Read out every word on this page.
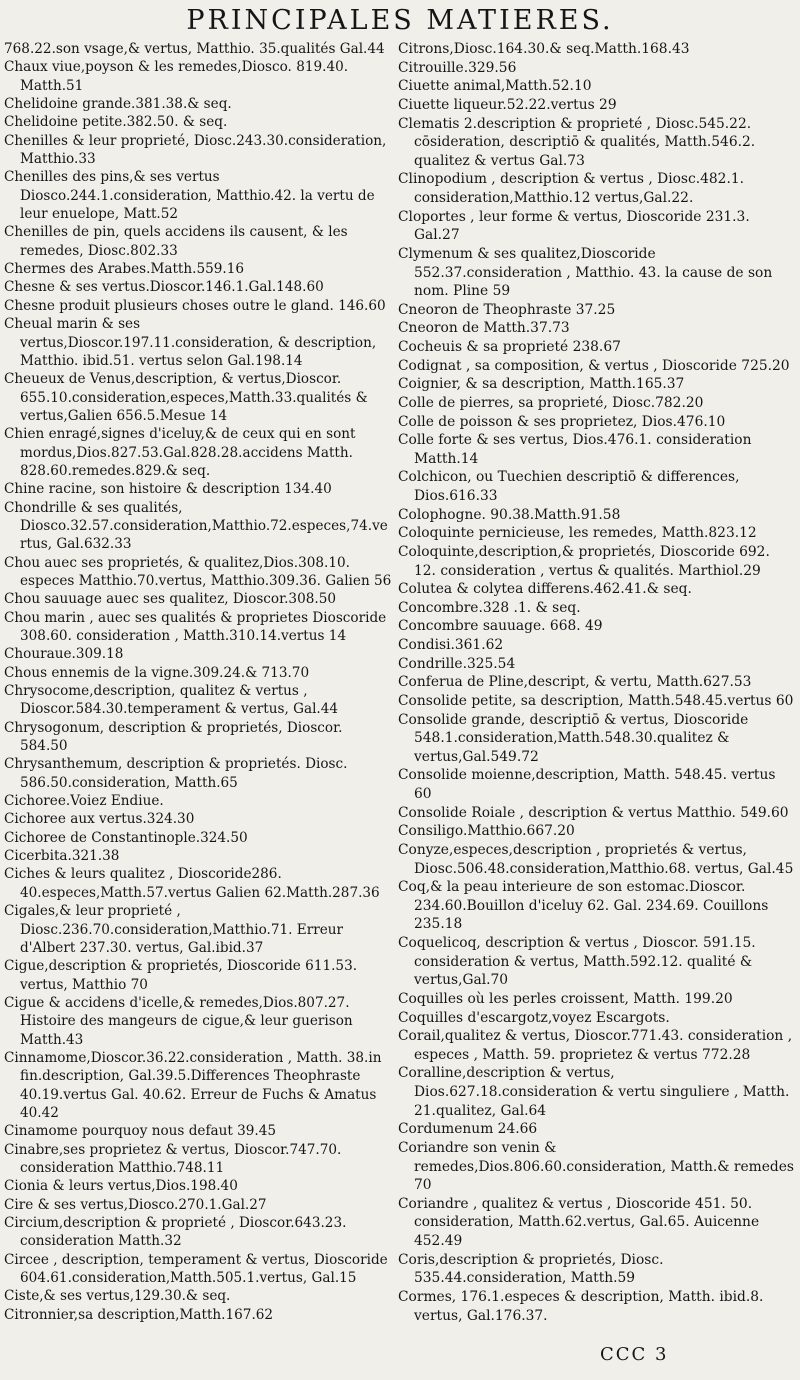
PRINCIPALES MATIERES.

768.22.son vsage,& vertus, Matthio. 35.qualités Gal.44

Chaux viue,poyson & les remedes,Diosco. 819.40. Matth.51

Chelidoine grande.381.38.& seq.

Chelidoine petite.382.50. & seq.

Chenilles & leur proprieté, Diosc.243.30.consideration, Matthio.33

Chenilles des pins,& ses vertus Diosco.244.1.consideration, Matthio.42. la vertu de leur enuelope, Matt.52

Chenilles de pin, quels accidens ils causent, & les remedes, Diosc.802.33

Chermes des Arabes.Matth.559.16

Chesne & ses vertus.Dioscor.146.1.Gal.148.60

Chesne produit plusieurs choses outre le gland. 146.60

Cheual marin & ses vertus,Dioscor.197.11.consideration, & description, Matthio. ibid.51. vertus selon Gal.198.14

Cheueux de Venus,description, & vertus,Dioscor. 655.10.consideration,especes,Matth.33.qualités & vertus,Galien 656.5.Mesue 14

Chien enragé,signes d'iceluy,& de ceux qui en sont mordus,Dios.827.53.Gal.828.28.accidens Matth. 828.60.remedes.829.& seq.

Chine racine, son histoire & description 134.40

Chondrille & ses qualités, Diosco.32.57.consideration,Matthio.72.especes,74.vertus, Gal.632.33

Chou auec ses proprietés, & qualitez,Dios.308.10. especes Matthio.70.vertus, Matthio.309.36. Galien 56

Chou sauuage auec ses qualitez, Dioscor.308.50

Chou marin , auec ses qualités & proprietes Dioscoride 308.60. consideration , Matth.310.14.vertus 14

Chouraue.309.18

Chous ennemis de la vigne.309.24.& 713.70

Chrysocome,description, qualitez & vertus , Dioscor.584.30.temperament & vertus, Gal.44

Chrysogonum, description & proprietés, Dioscor. 584.50

Chrysanthemum, description & proprietés. Diosc. 586.50.consideration, Matth.65

Cichoree.Voiez Endiue.

Cichoree aux vertus.324.30

Cichoree de Constantinople.324.50

Cicerbita.321.38

Ciches & leurs qualitez , Dioscoride286. 40.especes,Matth.57.vertus Galien 62.Matth.287.36

Cigales,& leur proprieté , Diosc.236.70.consideration,Matthio.71. Erreur d'Albert 237.30. vertus, Gal.ibid.37

Cigue,description & proprietés, Dioscoride 611.53. vertus, Matthio 70

Cigue & accidens d'icelle,& remedes,Dios.807.27. Histoire des mangeurs de cigue,& leur guerison Matth.43

Cinnamome,Dioscor.36.22.consideration , Matth. 38.in fin.description, Gal.39.5.Differences Theophraste 40.19.vertus Gal. 40.62. Erreur de Fuchs & Amatus 40.42

Cinamome pourquoy nous defaut 39.45

Cinabre,ses proprietez & vertus, Dioscor.747.70. consideration Matthio.748.11

Cionia & leurs vertus,Dios.198.40

Cire & ses vertus,Diosco.270.1.Gal.27

Circium,description & proprieté , Dioscor.643.23. consideration Matth.32

Circee , description, temperament & vertus, Dioscoride 604.61.consideration,Matth.505.1.vertus, Gal.15

Ciste,& ses vertus,129.30.& seq.

Citronnier,sa description,Matth.167.62

Citrons,Diosc.164.30.& seq.Matth.168.43

Citrouille.329.56

Ciuette animal,Matth.52.10

Ciuette liqueur.52.22.vertus 29

Clematis 2.description & proprieté , Diosc.545.22. cōsideration, descriptiō & qualités, Matth.546.2. qualitez & vertus Gal.73

Clinopodium , description & vertus , Diosc.482.1. consideration,Matthio.12 vertus,Gal.22.

Cloportes , leur forme & vertus, Dioscoride 231.3. Gal.27

Clymenum & ses qualitez,Dioscoride 552.37.consideration , Matthio. 43. la cause de son nom. Pline 59

Cneoron de Theophraste 37.25

Cneoron de Matth.37.73

Cocheuis & sa proprieté 238.67

Codignat , sa composition, & vertus , Dioscoride 725.20

Coignier, & sa description, Matth.165.37

Colle de pierres, sa proprieté, Diosc.782.20

Colle de poisson & ses proprietez, Dios.476.10

Colle forte & ses vertus, Dios.476.1. consideration Matth.14

Colchicon, ou Tuechien descriptiō & differences, Dios.616.33

Colophogne. 90.38.Matth.91.58

Coloquinte pernicieuse, les remedes, Matth.823.12

Coloquinte,description,& proprietés, Dioscoride 692. 12. consideration , vertus & qualités. Marthiol.29

Colutea & colytea differens.462.41.& seq.

Concombre.328 .1. & seq.

Concombre sauuage. 668. 49

Condisi.361.62

Condrille.325.54

Conferua de Pline,descript, & vertu, Matth.627.53

Consolide petite, sa description, Matth.548.45.vertus 60

Consolide grande, descriptiō & vertus, Dioscoride 548.1.consideration,Matth.548.30.qualitez & vertus,Gal.549.72

Consolide moienne,description, Matth. 548.45. vertus 60

Consolide Roiale , description & vertus Matthio. 549.60

Consiligo.Matthio.667.20

Conyze,especes,description , proprietés & vertus, Diosc.506.48.consideration,Matthio.68. vertus, Gal.45

Coq,& la peau interieure de son estomac.Dioscor. 234.60.Bouillon d'iceluy 62. Gal. 234.69. Couillons 235.18

Coquelicoq, description & vertus , Dioscor. 591.15. consideration & vertus, Matth.592.12. qualité & vertus,Gal.70

Coquilles où les perles croissent, Matth. 199.20

Coquilles d'escargotz,voyez Escargots.

Corail,qualitez & vertus, Dioscor.771.43. consideration , especes , Matth. 59. proprietez & vertus 772.28

Coralline,description & vertus, Dios.627.18.consideration & vertu singuliere , Matth. 21.qualitez, Gal.64

Cordumenum 24.66

Coriandre son venin & remedes,Dios.806.60.consideration, Matth.& remedes 70

Coriandre , qualitez & vertus , Dioscoride 451. 50. consideration, Matth.62.vertus, Gal.65. Auicenne 452.49

Coris,description & proprietés, Diosc. 535.44.consideration, Matth.59

Cormes, 176.1.especes & description, Matth. ibid.8. vertus, Gal.176.37.

CCC 3
